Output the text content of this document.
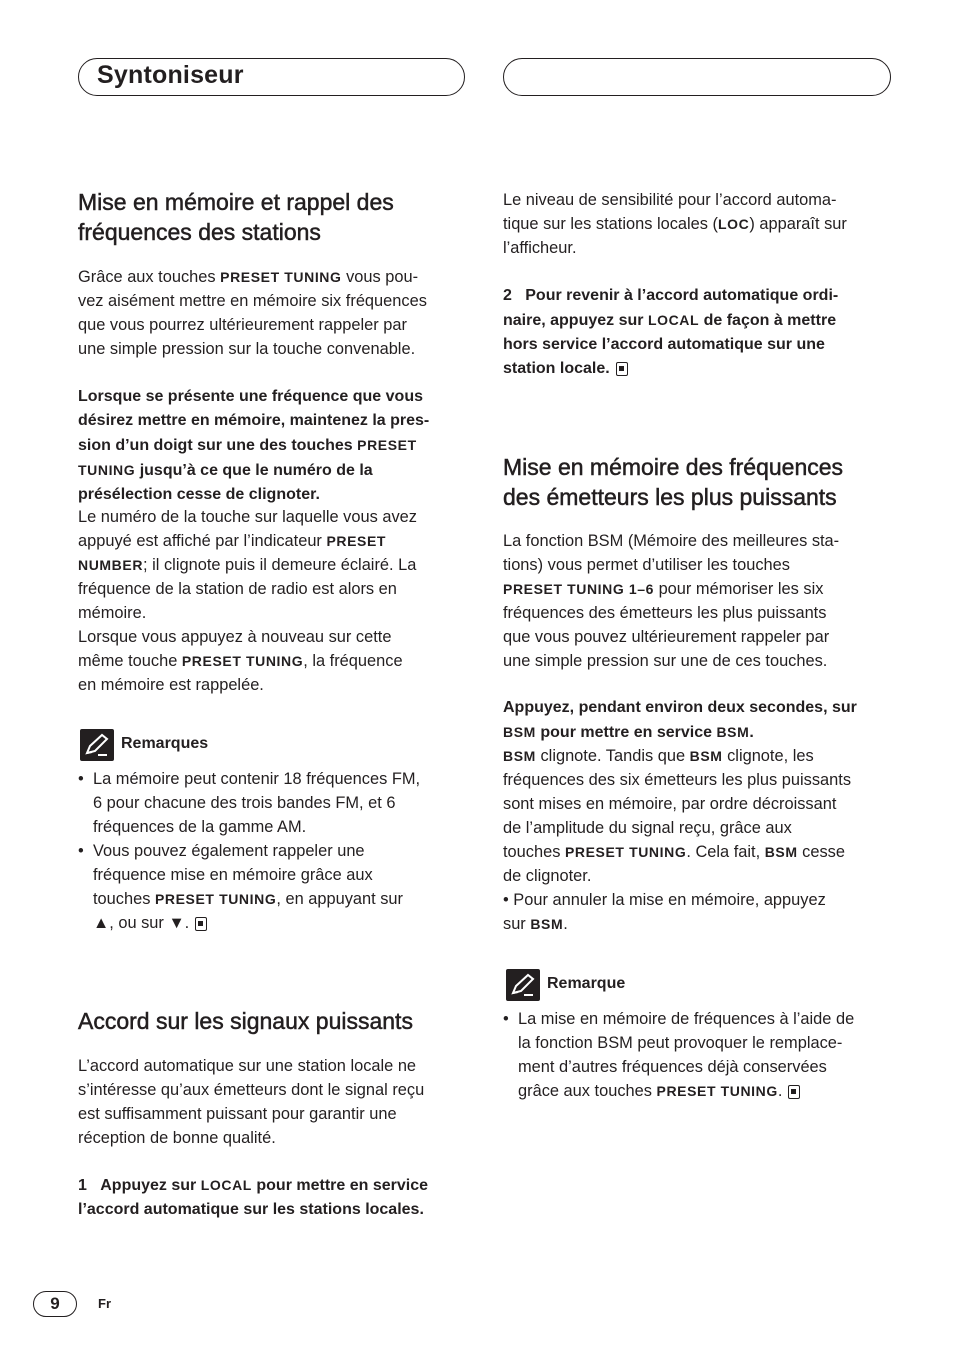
Syntoniseur
Mise en mémoire et rappel des
fréquences des stations

Grâce aux touches PRESET TUNING vous pou-
vez aisément mettre en mémoire six fréquences
que vous pourrez ultérieurement rappeler par
une simple pression sur la touche convenable.

Lorsque se présente une fréquence que vous
désirez mettre en mémoire, maintenez la pres-
sion d’un doigt sur une des touches PRESET
TUNING jusqu’à ce que le numéro de la
présélection cesse de clignoter.

Le numéro de la touche sur laquelle vous avez
appuyé est affiché par l’indicateur PRESET
NUMBER; il clignote puis il demeure éclairé. La
fréquence de la station de radio est alors en
mémoire.

Lorsque vous appuyez à nouveau sur cette
même touche PRESET TUNING, la fréquence
en mémoire est rappelée.

Remarques
• La mémoire peut contenir 18 fréquences FM,
6 pour chacune des trois bandes FM, et 6
fréquences de la gamme AM.
• Vous pouvez également rappeler une
fréquence mise en mémoire grâce aux
touches PRESET TUNING, en appuyant sur
▲, ou sur ▼.
Accord sur les signaux puissants

L’accord automatique sur une station locale ne
s’intéresse qu’aux émetteurs dont le signal reçu
est suffisamment puissant pour garantir une
réception de bonne qualité.

1 Appuyez sur LOCAL pour mettre en service
l’accord automatique sur les stations locales.

Le niveau de sensibilité pour l’accord automa-
tique sur les stations locales (LOC) apparaît sur
l’afficheur.

2 Pour revenir à l’accord automatique ordi-
naire, appuyez sur LOCAL de façon à mettre
hors service l’accord automatique sur une
station locale.

Mise en mémoire des fréquences
des émetteurs les plus puissants

La fonction BSM (Mémoire des meilleures sta-
tions) vous permet d’utiliser les touches
PRESET TUNING 1–6 pour mémoriser les six
fréquences des émetteurs les plus puissants
que vous pouvez ultérieurement rappeler par
une simple pression sur une de ces touches.

Appuyez, pendant environ deux secondes, sur
BSM pour mettre en service BSM.

BSM clignote. Tandis que BSM clignote, les
fréquences des six émetteurs les plus puissants
sont mises en mémoire, par ordre décroissant
de l’amplitude du signal reçu, grâce aux
touches PRESET TUNING. Cela fait, BSM cesse
de clignoter.

• Pour annuler la mise en mémoire, appuyez
sur BSM.

Remarque
• La mise en mémoire de fréquences à l’aide de
la fonction BSM peut provoquer le remplace-
ment d’autres fréquences déjà conservées
grâce aux touches PRESET TUNING.
9	Fr
